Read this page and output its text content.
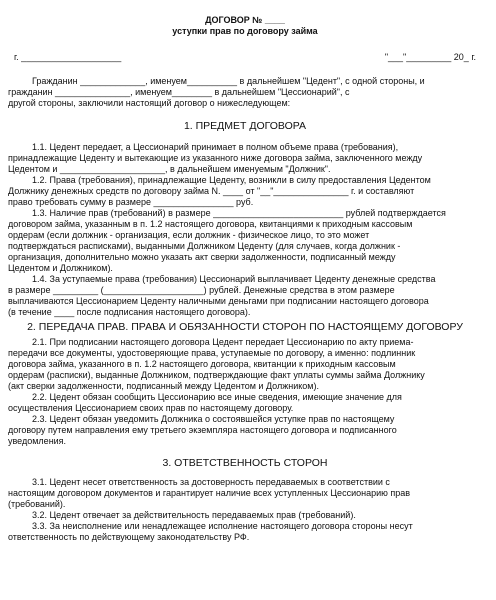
ДОГОВОР № ____
уступки прав по договору займа
г. ____________________	"___"_________ 20_ г.
Гражданин _____________, именуем__________ в дальнейшем "Цедент", с одной стороны, и
гражданин _______________, именуем________ в дальнейшем "Цессионарий", с
другой стороны, заключили настоящий договор о нижеследующем:
1. ПРЕДМЕТ ДОГОВОРА
1.1. Цедент передает, а Цессионарий принимает в полном объеме права (требования),
принадлежащие Цеденту и вытекающие из указанного ниже договора займа, заключенного между
Цедентом и _____________________, в дальнейшем именуемым "Должник".
1.2. Права (требования), принадлежащие Цеденту, возникли в силу предоставления Цедентом
Должнику денежных средств по договору займа N. ____ от "__"_______________ г. и составляют
право требовать сумму в размере ________________ руб.
1.3. Наличие прав (требований) в размере __________________________ рублей подтверждается
договором займа, указанным в п. 1.2 настоящего договора, квитанциями к приходным кассовым
ордерам (если должник - организация, если должник - физическое лицо, то это может
подтверждаться расписками), выданными Должником Цеденту (для случаев, когда должник -
организация, дополнительно можно указать акт сверки задолженности, подписанный между
Цедентом и Должником).
1.4. За уступаемые права (требования) Цессионарий выплачивает Цеденту денежные средства
в размере _________ (____________________) рублей. Денежные средства в этом размере
выплачиваются Цессионарием Цеденту наличными деньгами при подписании настоящего договора
(в течение ____ после подписания настоящего договора).
2. ПЕРЕДАЧА ПРАВ. ПРАВА И ОБЯЗАННОСТИ СТОРОН ПО НАСТОЯЩЕМУ ДОГОВОРУ
2.1. При подписании настоящего договора Цедент передает Цессионарию по акту приема-
передачи все документы, удостоверяющие права, уступаемые по договору, а именно: подлинник
договора займа, указанного в п. 1.2 настоящего договора, квитанции к приходным кассовым
ордерам (расписки), выданные Должником, подтверждающие факт уплаты суммы займа Должнику
(акт сверки задолженности, подписанный между Цедентом и Должником).
2.2. Цедент обязан сообщить Цессионарию все иные сведения, имеющие значение для
осуществления Цессионарием своих прав по настоящему договору.
2.3. Цедент обязан уведомить Должника о состоявшейся уступке прав по настоящему
договору путем направления ему третьего экземпляра настоящего договора и подписанного
уведомления.
3. ОТВЕТСТВЕННОСТЬ СТОРОН
3.1. Цедент несет ответственность за достоверность передаваемых в соответствии с
настоящим договором документов и гарантирует наличие всех уступленных Цессионарию прав
(требований).
3.2. Цедент отвечает за действительность передаваемых прав (требований).
3.3. За неисполнение или ненадлежащее исполнение настоящего договора стороны несут
ответственность по действующему законодательству РФ.
